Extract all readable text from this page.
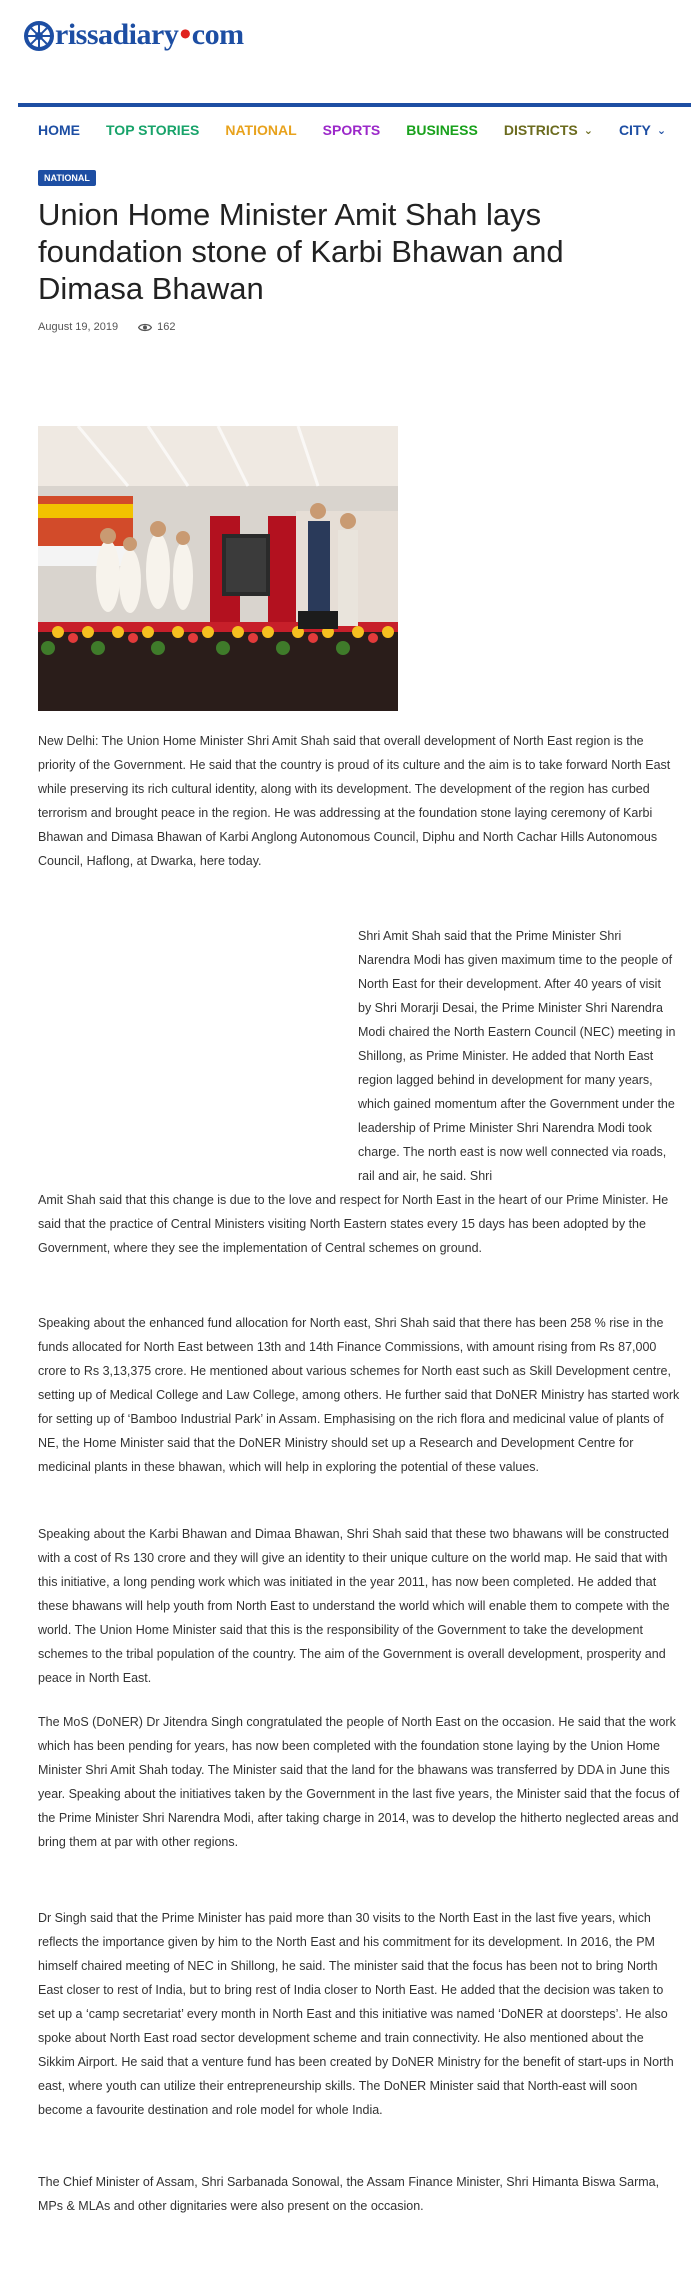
rissadiary • com
HOME TOP STORIES NATIONAL SPORTS BUSINESS DISTRICTS ⌄ CITY ⌄
NATIONAL
Union Home Minister Amit Shah lays foundation stone of Karbi Bhawan and Dimasa Bhawan
August 19, 2019	162

New Delhi: The Union Home Minister Shri Amit Shah said that overall development of North East region is the priority of the Government. He said that the country is proud of its culture and the aim is to take forward North East while preserving its rich cultural identity, along with its development. The development of the region has curbed terrorism and brought peace in the region. He was addressing at the foundation stone laying ceremony of Karbi Bhawan and Dimasa Bhawan of Karbi Anglong Autonomous Council, Diphu and North Cachar Hills Autonomous Council, Haflong, at Dwarka, here today.

Shri Amit Shah said that the Prime Minister Shri Narendra Modi has given maximum time to the people of North East for their development. After 40 years of visit by Shri Morarji Desai, the Prime Minister Shri Narendra Modi chaired the North Eastern Council (NEC) meeting in Shillong, as Prime Minister. He added that North East region lagged behind in development for many years, which gained momentum after the Government under the leadership of Prime Minister Shri Narendra Modi took charge. The north east is now well connected via roads, rail and air, he said. Shri

Amit Shah said that this change is due to the love and respect for North East in the heart of our Prime Minister. He said that the practice of Central Ministers visiting North Eastern states every 15 days has been adopted by the Government, where they see the implementation of Central schemes on ground.

Speaking about the enhanced fund allocation for North east, Shri Shah said that there has been 258 % rise in the funds allocated for North East between 13th and 14th Finance Commissions, with amount rising from Rs 87,000 crore to Rs 3,13,375 crore. He mentioned about various schemes for North east such as Skill Development centre, setting up of Medical College and Law College, among others. He further said that DoNER Ministry has started work for setting up of ‘Bamboo Industrial Park’ in Assam. Emphasising on the rich flora and medicinal value of plants of NE, the Home Minister said that the DoNER Ministry should set up a Research and Development Centre for medicinal plants in these bhawan, which will help in exploring the potential of these values.

Speaking about the Karbi Bhawan and Dimaa Bhawan, Shri Shah said that these two bhawans will be constructed with a cost of Rs 130 crore and they will give an identity to their unique culture on the world map. He said that with this initiative, a long pending work which was initiated in the year 2011, has now been completed. He added that these bhawans will help youth from North East to understand the world which will enable them to compete with the world. The Union Home Minister said that this is the responsibility of the Government to take the development schemes to the tribal population of the country. The aim of the Government is overall development, prosperity and peace in North East.

The MoS (DoNER) Dr Jitendra Singh congratulated the people of North East on the occasion. He said that the work which has been pending for years, has now been completed with the foundation stone laying by the Union Home Minister Shri Amit Shah today. The Minister said that the land for the bhawans was transferred by DDA in June this year. Speaking about the initiatives taken by the Government in the last five years, the Minister said that the focus of the Prime Minister Shri Narendra Modi, after taking charge in 2014, was to develop the hitherto neglected areas and bring them at par with other regions.

Dr Singh said that the Prime Minister has paid more than 30 visits to the North East in the last five years, which reflects the importance given by him to the North East and his commitment for its development. In 2016, the PM himself chaired meeting of NEC in Shillong, he said. The minister said that the focus has been not to bring North East closer to rest of India, but to bring rest of India closer to North East. He added that the decision was taken to set up a ‘camp secretariat’ every month in North East and this initiative was named ‘DoNER at doorsteps’. He also spoke about North East road sector development scheme and train connectivity. He also mentioned about the Sikkim Airport. He said that a venture fund has been created by DoNER Ministry for the benefit of start-ups in North east, where youth can utilize their entrepreneurship skills. The DoNER Minister said that North-east will soon become a favourite destination and role model for whole India.

The Chief Minister of Assam, Shri Sarbanada Sonowal, the Assam Finance Minister, Shri Himanta Biswa Sarma, MPs & MLAs and other dignitaries were also present on the occasion.
